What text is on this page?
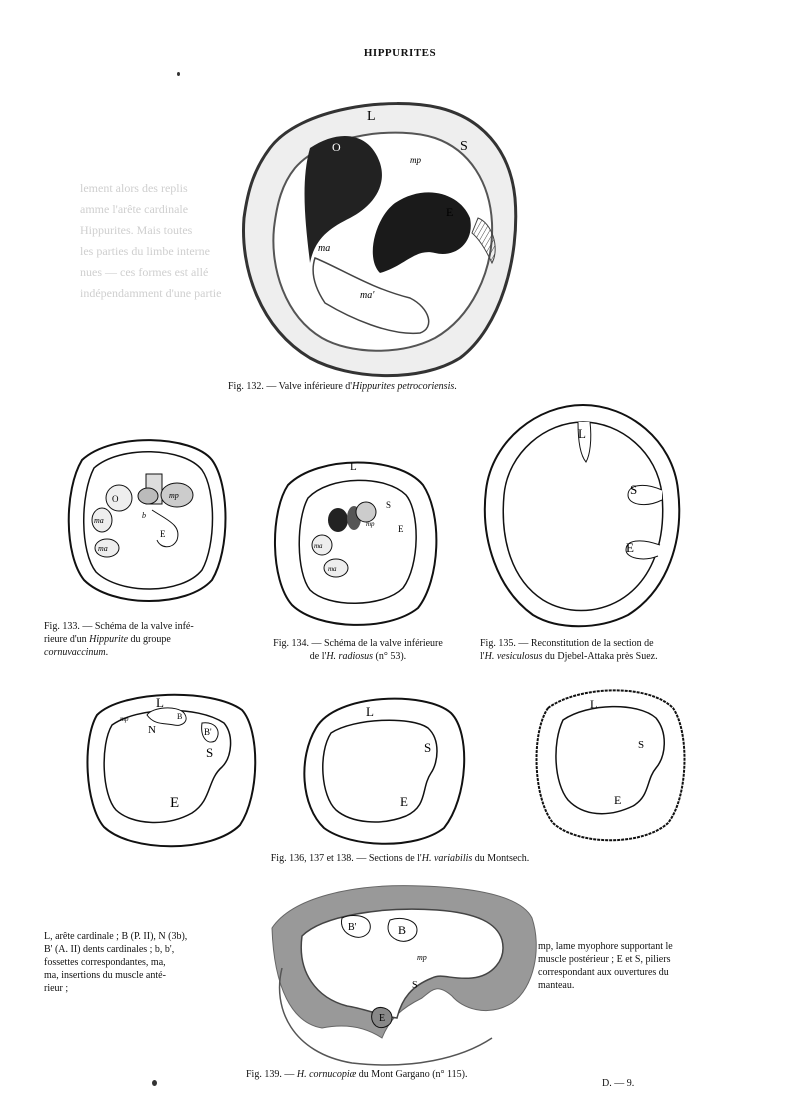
HIPPURITES
lement alors des replis
amme l'arête cardinale
Hippurites. Mais toutes
les parties du limbe interne
nues — ces formes est allé
indépendamment d'une partie
L
O	S
E
mp
ma
ma'
Fig. 132. — Valve inférieure d'Hippurites petrocoriensis.
O	mp
ma
ma
E
b
Fig. 133. — Schéma de la valve infé-
rieure d'un Hippurite du groupe
cornuvaccinum.
L
S
E
mp
ma
ma
Fig. 134. — Schéma de la valve inférieure
de l'H. radiosus (n° 53).
L
S
E
Fig. 135. — Reconstitution de la section de
l'H. vesiculosus du Djebel-Attaka près Suez.
L
mp	B
B'
N
S
E
L
S
E
L
S
E
Fig. 136, 137 et 138. — Sections de l'H. variabilis du Montsech.
B'	B
mp
S
E
L, arête cardinale ; B (P. II), N (3b),
B' (A. II) dents cardinales ; b, b',
fossettes correspondantes, ma,
ma, insertions du muscle anté-
rieur ;
mp, lame myophore supportant le
muscle postérieur ; E et S, piliers
correspondant aux ouvertures du
manteau.
Fig. 139. — H. cornucopiæ du Mont Gargano (n° 115).
D. — 9.
